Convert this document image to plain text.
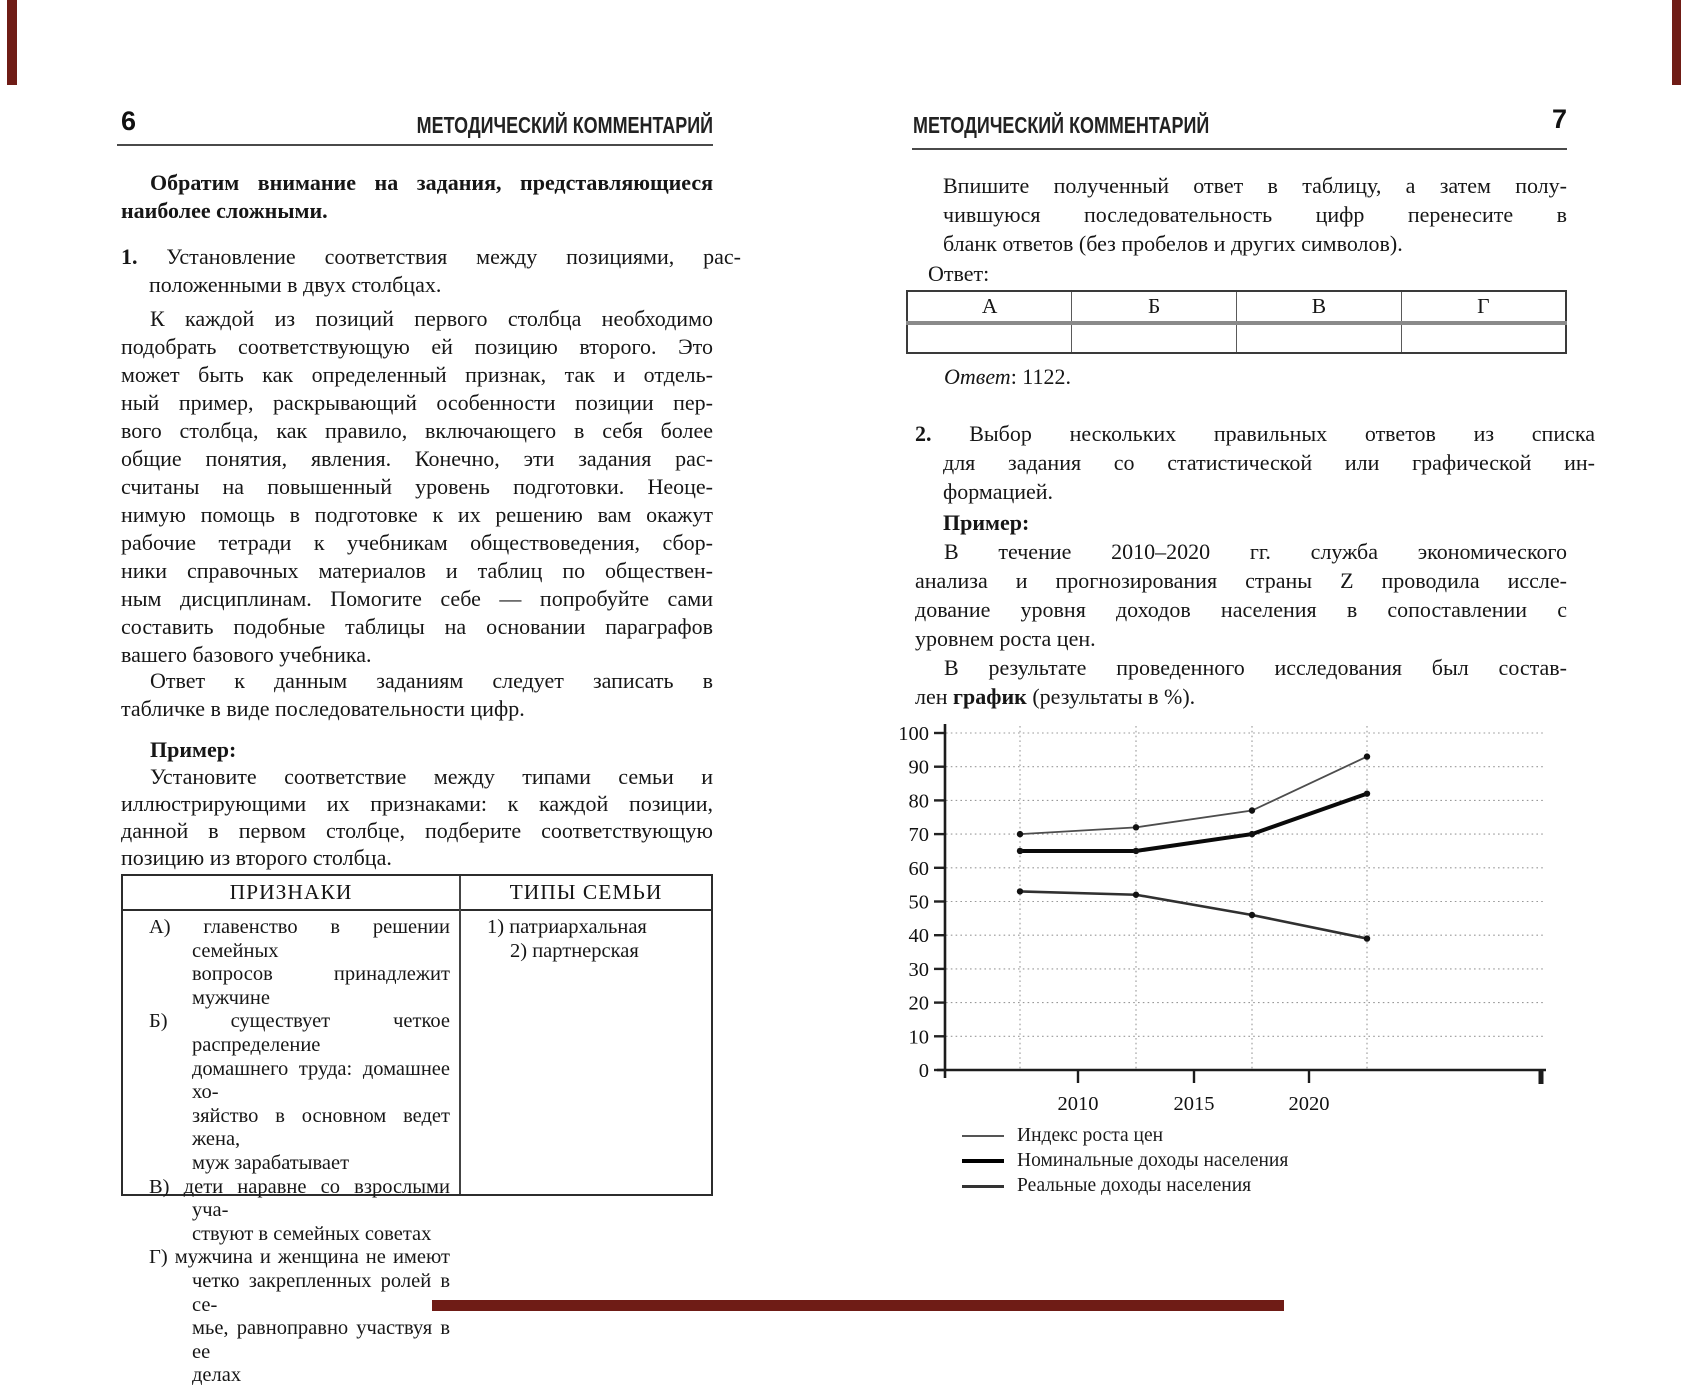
6	МЕТОДИЧЕСКИЙ КОММЕНТАРИЙ
Обратим внимание на задания, представляющиеся
наиболее сложными.
1. Установление соответствия между позициями, рас-
положенными в двух столбцах.
К каждой из позиций первого столбца необходимо
подобрать соответствующую ей позицию второго. Это
может быть как определенный признак, так и отдель-
ный пример, раскрывающий особенности позиции пер-
вого столбца, как правило, включающего в себя более
общие понятия, явления. Конечно, эти задания рас-
считаны на повышенный уровень подготовки. Неоце-
нимую помощь в подготовке к их решению вам окажут
рабочие тетради к учебникам обществоведения, сбор-
ники справочных материалов и таблиц по обществен-
ным дисциплинам. Помогите себе — попробуйте сами
составить подобные таблицы на основании параграфов
вашего базового учебника.
Ответ к данным заданиям следует записать в
табличке в виде последовательности цифр.
Пример:
Установите соответствие между типами семьи и
иллюстрирующими их признаками: к каждой позиции,
данной в первом столбце, подберите соответствующую
позицию из второго столбца.
ПРИЗНАКИ	ТИПЫ СЕМЬИ
А) главенство в решении семейных
вопросов принадлежит мужчине
Б) существует четкое распределение
домашнего труда: домашнее хо-
зяйство в основном ведет жена,
муж зарабатывает
В) дети наравне со взрослыми уча-
ствуют в семейных советах
Г) мужчина и женщина не имеют
четко закрепленных ролей в се-
мье, равноправно участвуя в ее
делах
1) патриархальная
2) партнерская
МЕТОДИЧЕСКИЙ КОММЕНТАРИЙ	7
Впишите полученный ответ в таблицу, а затем полу-
чившуюся последовательность цифр перенесите в
бланк ответов (без пробелов и других символов).
Ответ:
А	Б	В	Г

Ответ: 1122.
2. Выбор нескольких правильных ответов из списка
для задания со статистической или графической ин-
формацией.
Пример:
В течение 2010–2020 гг. служба экономического
анализа и прогнозирования страны Z проводила иссле-
дование уровня доходов населения в сопоставлении с
уровнем роста цен.
В результате проведенного исследования был состав-
лен график (результаты в %).
0
10
20
30
40
50
60
70
80
90
100
2010	2015	2020
Индекс роста цен
Номинальные доходы населения
Реальные доходы населения
